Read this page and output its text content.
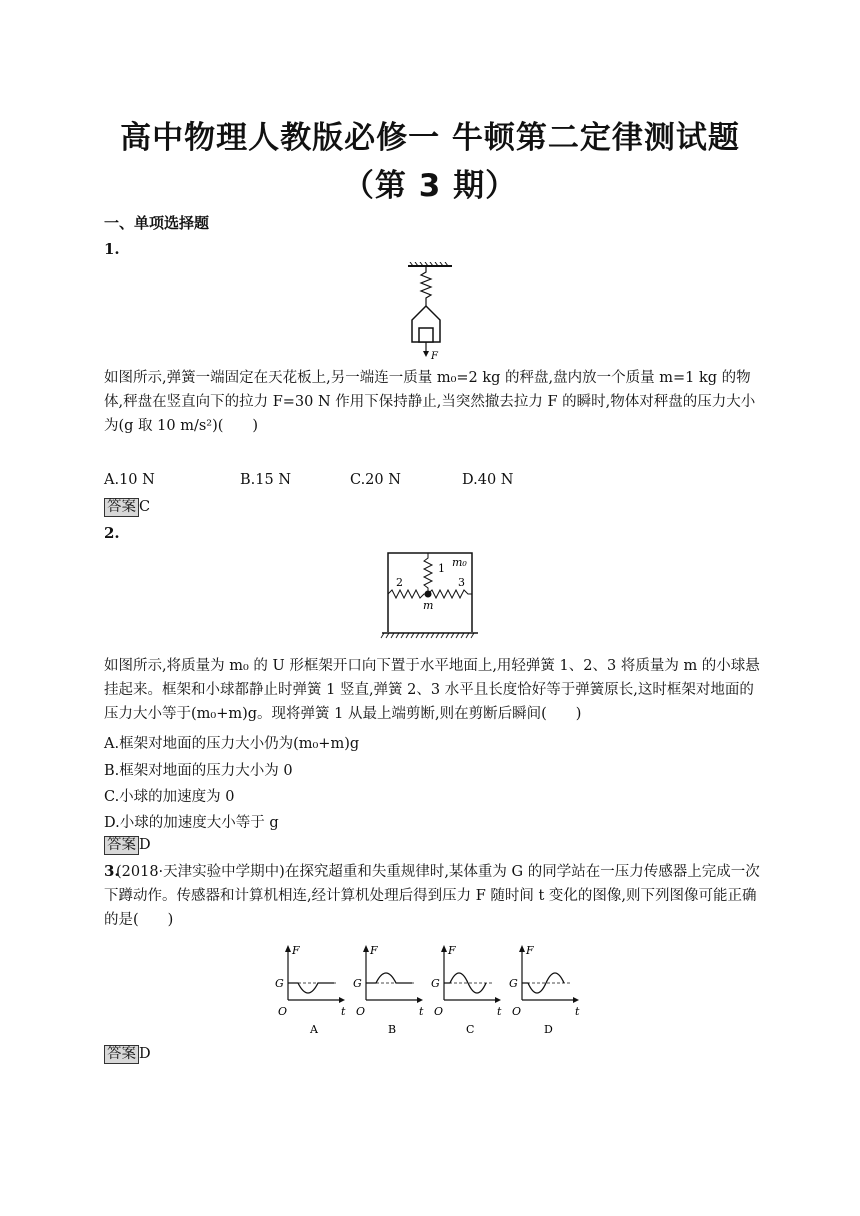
高中物理人教版必修一 牛顿第二定律测试题
（第 3 期）
一、单项选择题
1.
F
如图所示,弹簧一端固定在天花板上,另一端连一质量 m₀=2 kg 的秤盘,盘内放一个质量 m=1 kg 的物体,秤盘在竖直向下的拉力 F=30 N 作用下保持静止,当突然撤去拉力 F 的瞬时,物体对秤盘的压力大小为(g 取 10 m/s²)(　　)
A.10 N	B.15 N	C.20 N	D.40 N
答案 C
2.
1
2	3
m₀
m
如图所示,将质量为 m₀ 的 U 形框架开口向下置于水平地面上,用轻弹簧 1、2、3 将质量为 m 的小球悬挂起来。框架和小球都静止时弹簧 1 竖直,弹簧 2、3 水平且长度恰好等于弹簧原长,这时框架对地面的压力大小等于(m₀+m)g。现将弹簧 1 从最上端剪断,则在剪断后瞬间(　　)
A.框架对地面的压力大小仍为(m₀+m)g
B.框架对地面的压力大小为 0
C.小球的加速度为 0
D.小球的加速度大小等于 g
答案 D
3.
(2018·天津实验中学期中)在探究超重和失重规律时,某体重为 G 的同学站在一压力传感器上完成一次下蹲动作。传感器和计算机相连,经计算机处理后得到压力 F 随时间 t 变化的图像,则下列图像可能正确的是(　　)
F
t
O
G
A
F
t
O
G
B
F
t
O
G
C
F
t
O
G
D
答案 D
